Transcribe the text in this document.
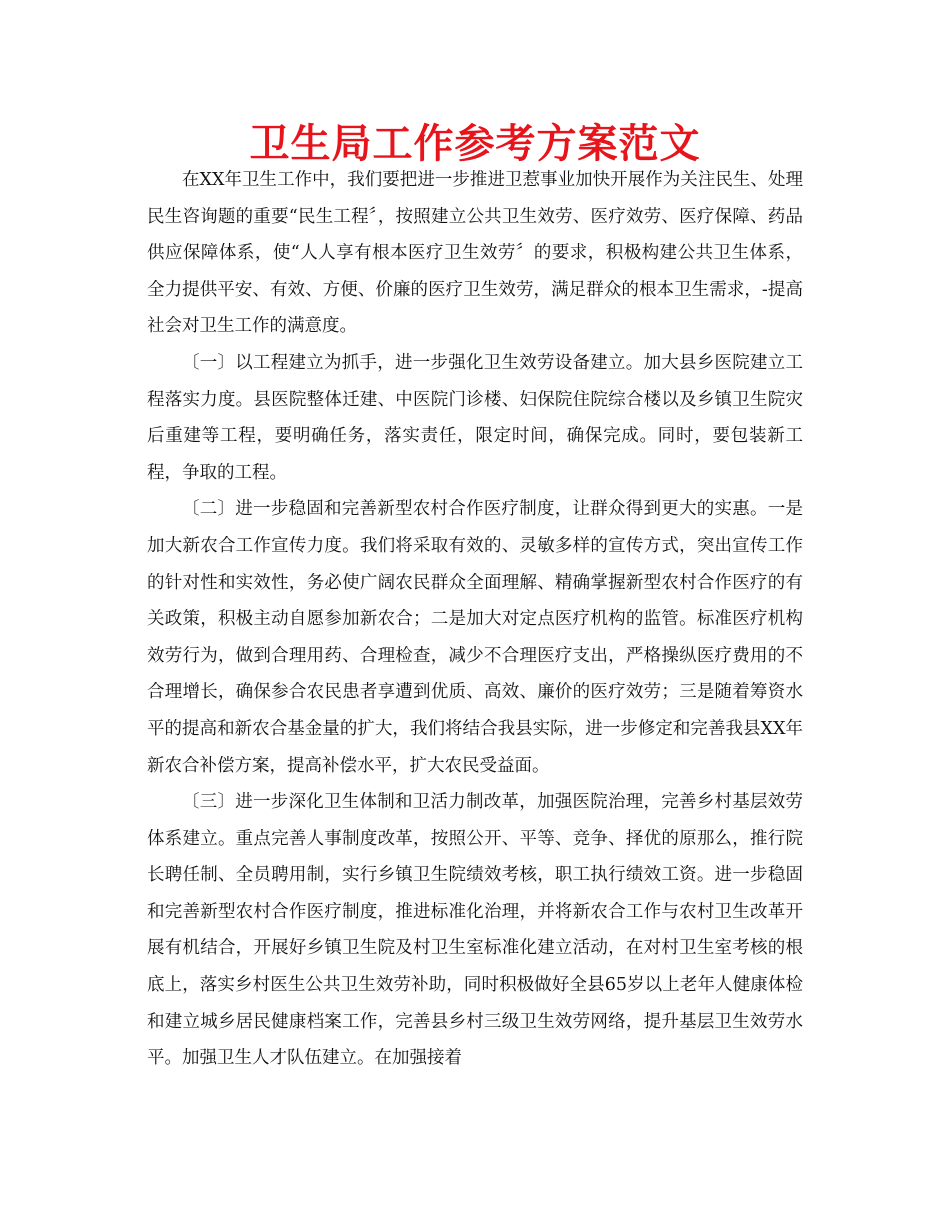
卫生局工作参考方案范文

在XX年卫生工作中，我们要把进一步推进卫惹事业加快开展作为关注民生、处理民生咨询题的重要“民生工程〞，按照建立公共卫生效劳、医疗效劳、医疗保障、药品供应保障体系，使“人人享有根本医疗卫生效劳〞的要求，积极构建公共卫生体系，全力提供平安、有效、方便、价廉的医疗卫生效劳，满足群众的根本卫生需求，-提高社会对卫生工作的满意度。

〔一〕以工程建立为抓手，进一步强化卫生效劳设备建立。加大县乡医院建立工程落实力度。县医院整体迁建、中医院门诊楼、妇保院住院综合楼以及乡镇卫生院灾后重建等工程，要明确任务，落实责任，限定时间，确保完成。同时，要包装新工程，争取的工程。

〔二〕进一步稳固和完善新型农村合作医疗制度，让群众得到更大的实惠。一是加大新农合工作宣传力度。我们将采取有效的、灵敏多样的宣传方式，突出宣传工作的针对性和实效性，务必使广阔农民群众全面理解、精确掌握新型农村合作医疗的有关政策，积极主动自愿参加新农合；二是加大对定点医疗机构的监管。标准医疗机构效劳行为，做到合理用药、合理检查，减少不合理医疗支出，严格操纵医疗费用的不合理增长，确保参合农民患者享遭到优质、高效、廉价的医疗效劳；三是随着筹资水平的提高和新农合基金量的扩大，我们将结合我县实际，进一步修定和完善我县XX年新农合补偿方案，提高补偿水平，扩大农民受益面。

〔三〕进一步深化卫生体制和卫活力制改革，加强医院治理，完善乡村基层效劳体系建立。重点完善人事制度改革，按照公开、平等、竞争、择优的原那么，推行院长聘任制、全员聘用制，实行乡镇卫生院绩效考核，职工执行绩效工资。进一步稳固和完善新型农村合作医疗制度，推进标准化治理，并将新农合工作与农村卫生改革开展有机结合，开展好乡镇卫生院及村卫生室标准化建立活动，在对村卫生室考核的根底上，落实乡村医生公共卫生效劳补助，同时积极做好全县65岁以上老年人健康体检和建立城乡居民健康档案工作，完善县乡村三级卫生效劳网络，提升基层卫生效劳水平。加强卫生人才队伍建立。在加强接着
